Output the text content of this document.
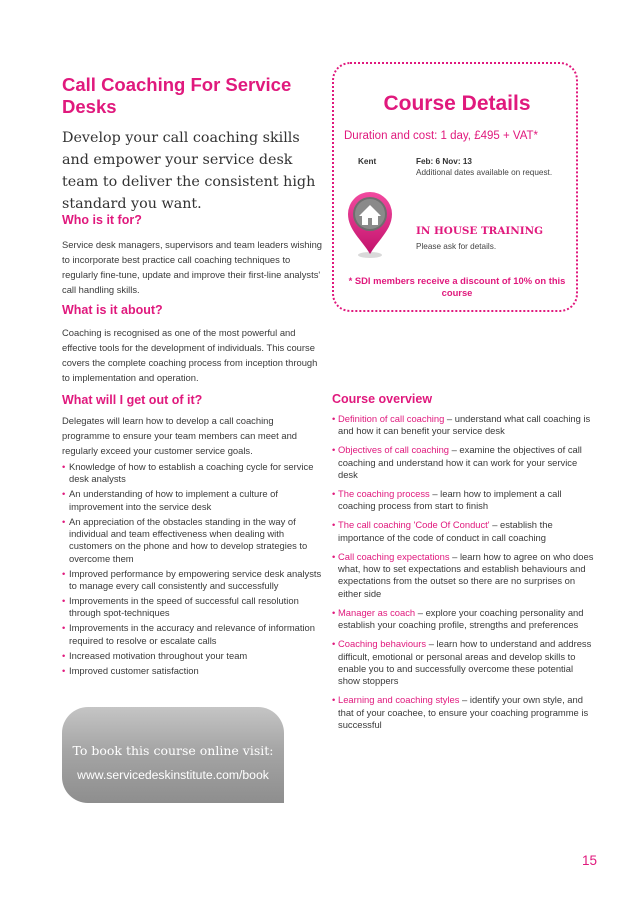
Call Coaching For Service Desks

Develop your call coaching skills and empower your service desk team to deliver the consistent high standard you want.

Who is it for?

Service desk managers, supervisors and team leaders wishing to incorporate best practice call coaching techniques to regularly fine-tune, update and improve their first-line analysts' call handling skills.

What is it about?

Coaching is recognised as one of the most powerful and effective tools for the development of individuals. This course covers the complete coaching process from inception through to implementation and operation.

What will I get out of it?

Delegates will learn how to develop a call coaching programme to ensure your team members can meet and regularly exceed your customer service goals.

• Knowledge of how to establish a coaching cycle for service desk analysts
• An understanding of how to implement a culture of improvement into the service desk
• An appreciation of the obstacles standing in the way of individual and team effectiveness when dealing with customers on the phone and how to develop strategies to overcome them
• Improved performance by empowering service desk analysts to manage every call consistently and successfully
• Improvements in the speed of successful call resolution through spot-techniques
• Improvements in the accuracy and relevance of information required to resolve or escalate calls
• Increased motivation throughout your team
• Improved customer satisfaction
Course Details
Duration and cost: 1 day, £495 + VAT*
Kent	Feb: 6 Nov: 13
Additional dates available on request.
IN HOUSE TRAINING
Please ask for details.
* SDI members receive a discount of 10% on this course
Course overview
• Definition of call coaching – understand what call coaching is and how it can benefit your service desk
• Objectives of call coaching – examine the objectives of call coaching and understand how it can work for your service desk
• The coaching process – learn how to implement a call coaching process from start to finish
• The call coaching 'Code Of Conduct' – establish the importance of the code of conduct in call coaching
• Call coaching expectations – learn how to agree on who does what, how to set expectations and establish behaviours and expectations from the outset so there are no surprises on either side
• Manager as coach – explore your coaching personality and establish your coaching profile, strengths and preferences
• Coaching behaviours – learn how to understand and address difficult, emotional or personal areas and develop skills to enable you to and successfully overcome these potential show stoppers
• Learning and coaching styles – identify your own style, and that of your coachee, to ensure your coaching programme is successful
To book this course online visit:
www.servicedeskinstitute.com/book
15
